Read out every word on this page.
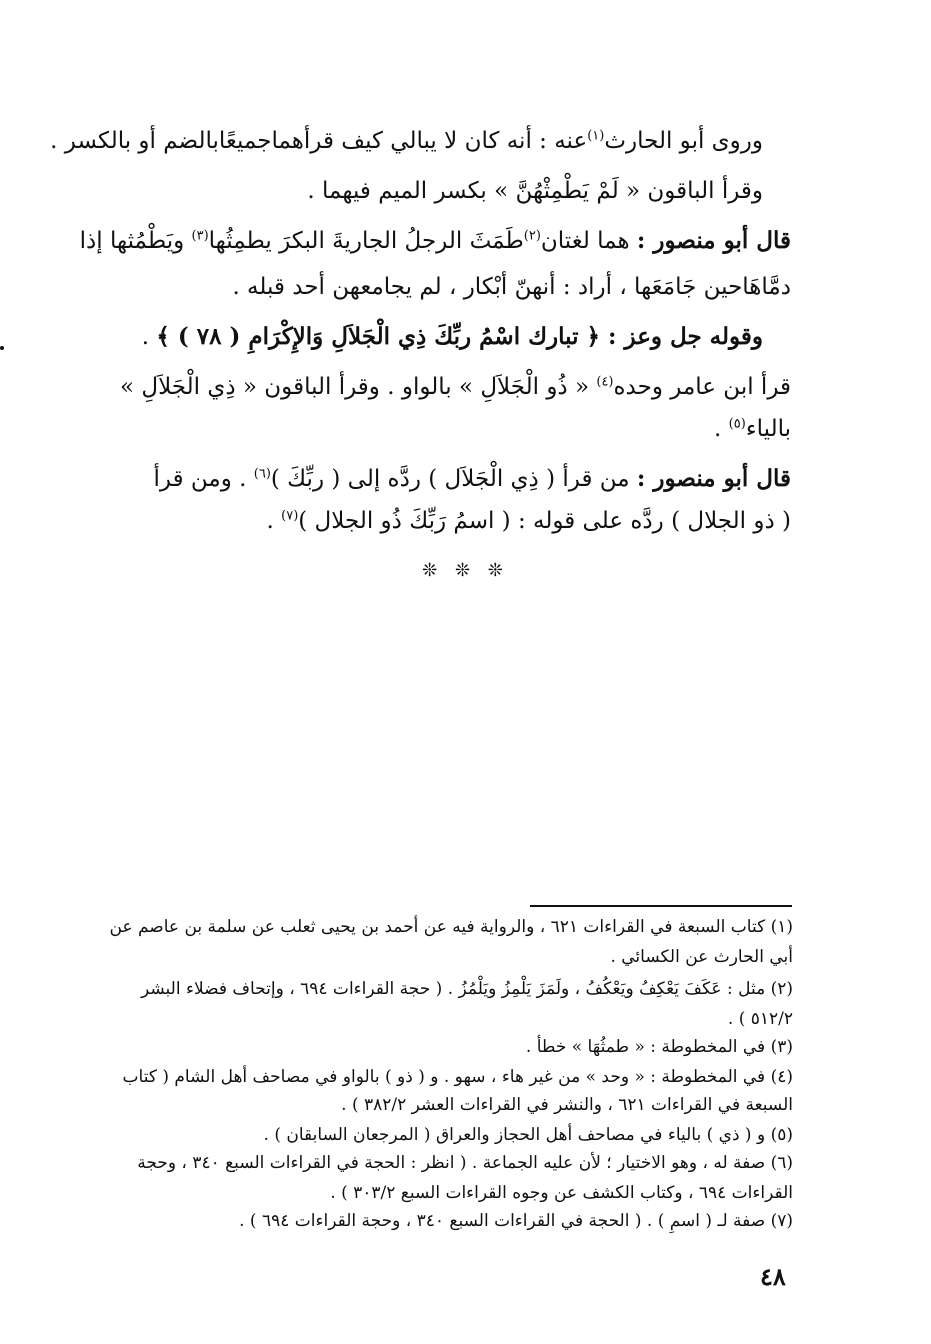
وروى أبو الحارث$^{(١)}$عنه : أنه كان لا يبالي كيف قرأهماجميعًابالضم أو بالكسر .
وقرأ الباقون « لَمْ يَطْمِثْهُنَّ » بكسر الميم فيهما .
قال أبو منصور : هما لغتان$^{(٢)}$طَمَثَ الرجلُ الجاريةَ البكرَ يطمِثُها$^{(٣)}$ ويَطْمُثها إذا
دمَّاهَاحين جَامَعَها ، أراد : أنهنّ أبْكار ، لم يجامعهن أحد قبله .
وقوله جل وعز : ﴿ تبارك اسْمُ ربِّكَ ذِي الْجَلاَلِ وَالإِكْرَامِ ( ٧٨ ) ﴾ .
قرأ ابن عامر وحده$^{(٤)}$ « ذُو الْجَلاَلِ » بالواو . وقرأ الباقون « ذِي الْجَلاَلِ »
بالياء$^{(٥)}$ .
قال أبو منصور : من قرأ ( ذِي الْجَلاَل ) ردَّه إلى ( ربِّكَ )$^{(٦)}$ . ومن قرأ
( ذو الجلال ) ردَّه على قوله : ( اسمُ رَبِّكَ ذُو الجلال )$^{(٧)}$ .
❊ ❊ ❊
(١) كتاب السبعة في القراءات ٦٢١ ، والرواية فيه عن أحمد بن يحيى ثعلب عن سلمة بن عاصم عن
أبي الحارث عن الكسائي .
(٢) مثل : عَكَفَ يَعْكِفُ ويَعْكُفُ ، ولَمَزَ يَلْمِزُ ويَلْمُزُ . ( حجة القراءات ٦٩٤ ، وإتحاف فضلاء البشر
٥١٢/٢ ) .
(٣) في المخطوطة : « طمثُهَا » خطأ .
(٤) في المخطوطة : « وحد » من غير هاء ، سهو . و ( ذو ) بالواو في مصاحف أهل الشام ( كتاب
السبعة في القراءات ٦٢١ ، والنشر في القراءات العشر ٣٨٢/٢ ) .
(٥) و ( ذي ) بالياء في مصاحف أهل الحجاز والعراق ( المرجعان السابقان ) .
(٦) صفة له ، وهو الاختيار ؛ لأن عليه الجماعة . ( انظر : الحجة في القراءات السبع ٣٤٠ ، وحجة
القراءات ٦٩٤ ، وكتاب الكشف عن وجوه القراءات السبع ٣٠٣/٢ ) .
(٧) صفة لـ ( اسمِ ) . ( الحجة في القراءات السبع ٣٤٠ ، وحجة القراءات ٦٩٤ ) .
٤٨
